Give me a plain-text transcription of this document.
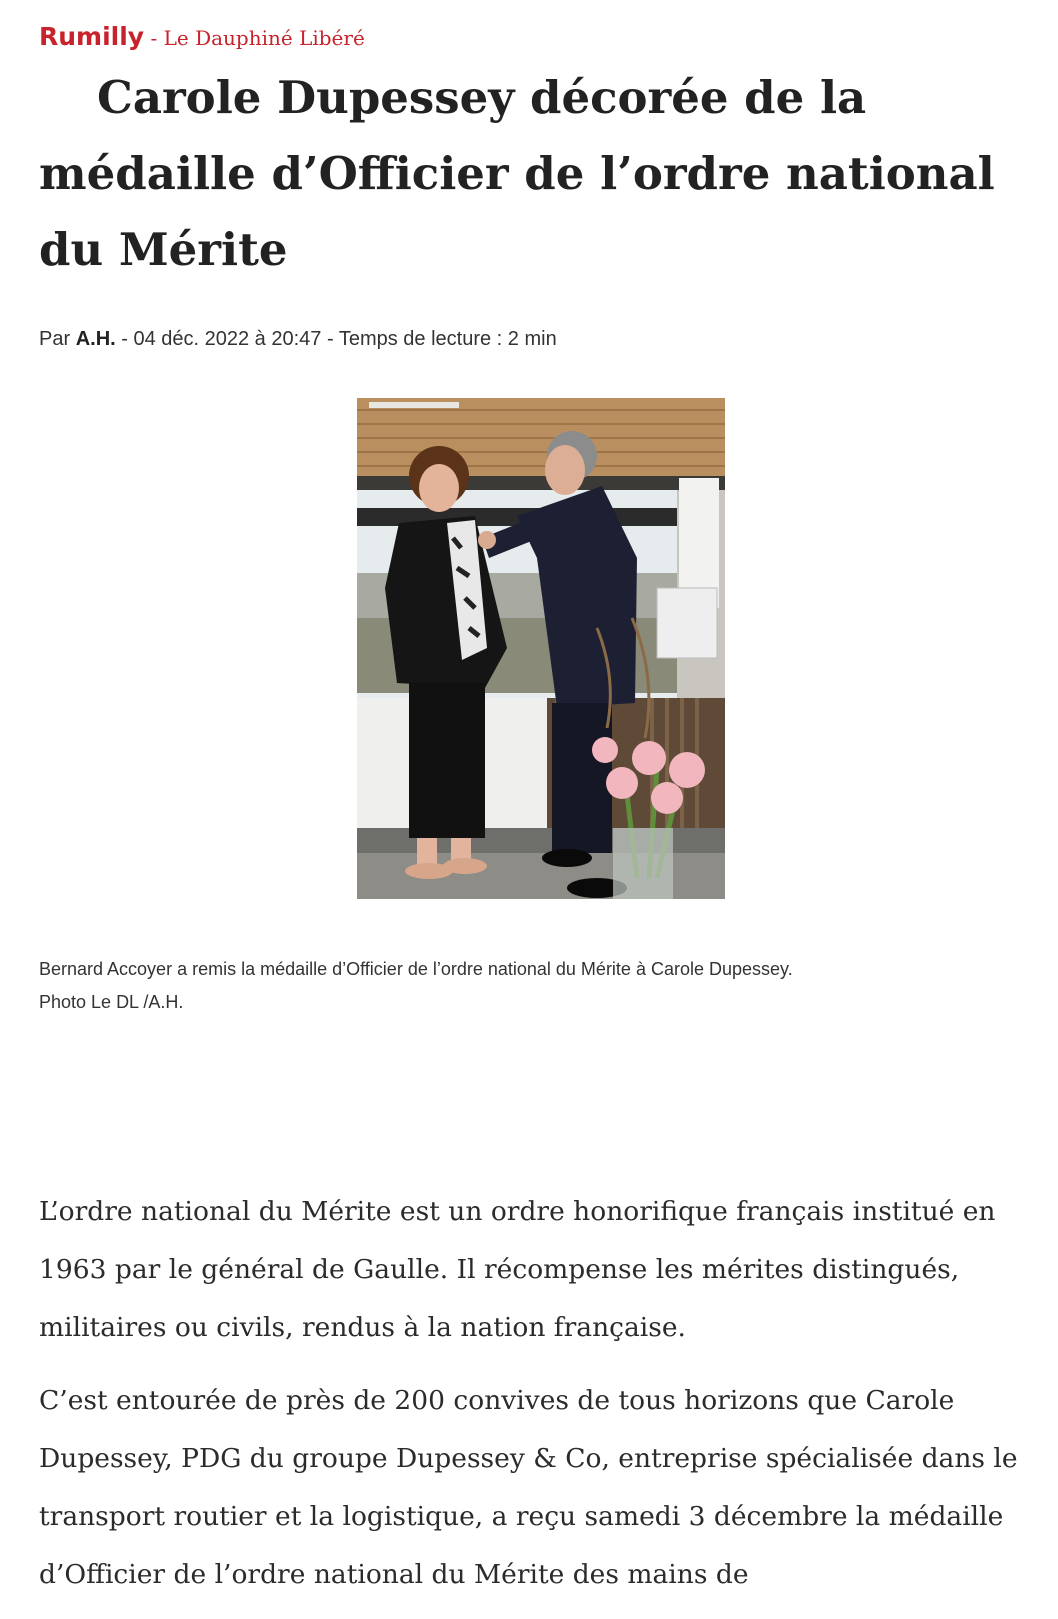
Rumilly - Le Dauphiné Libéré
Carole Dupessey décorée de la médaille d’Officier de l’ordre national du Mérite
Par A.H. - 04 déc. 2022 à 20:47 - Temps de lecture : 2 min
Bernard Accoyer a remis la médaille d’Officier de l’ordre national du Mérite à Carole Dupessey.
Photo Le DL /A.H.

L’ordre national du Mérite est un ordre honorifique français institué en 1963 par le général de Gaulle. Il récompense les mérites distingués, militaires ou civils, rendus à la nation française.

C’est entourée de près de 200 convives de tous horizons que Carole Dupessey, PDG du groupe Dupessey & Co, entreprise spécialisée dans le transport routier et la logistique, a reçu samedi 3 décembre la médaille d’Officier de l’ordre national du Mérite des mains de
